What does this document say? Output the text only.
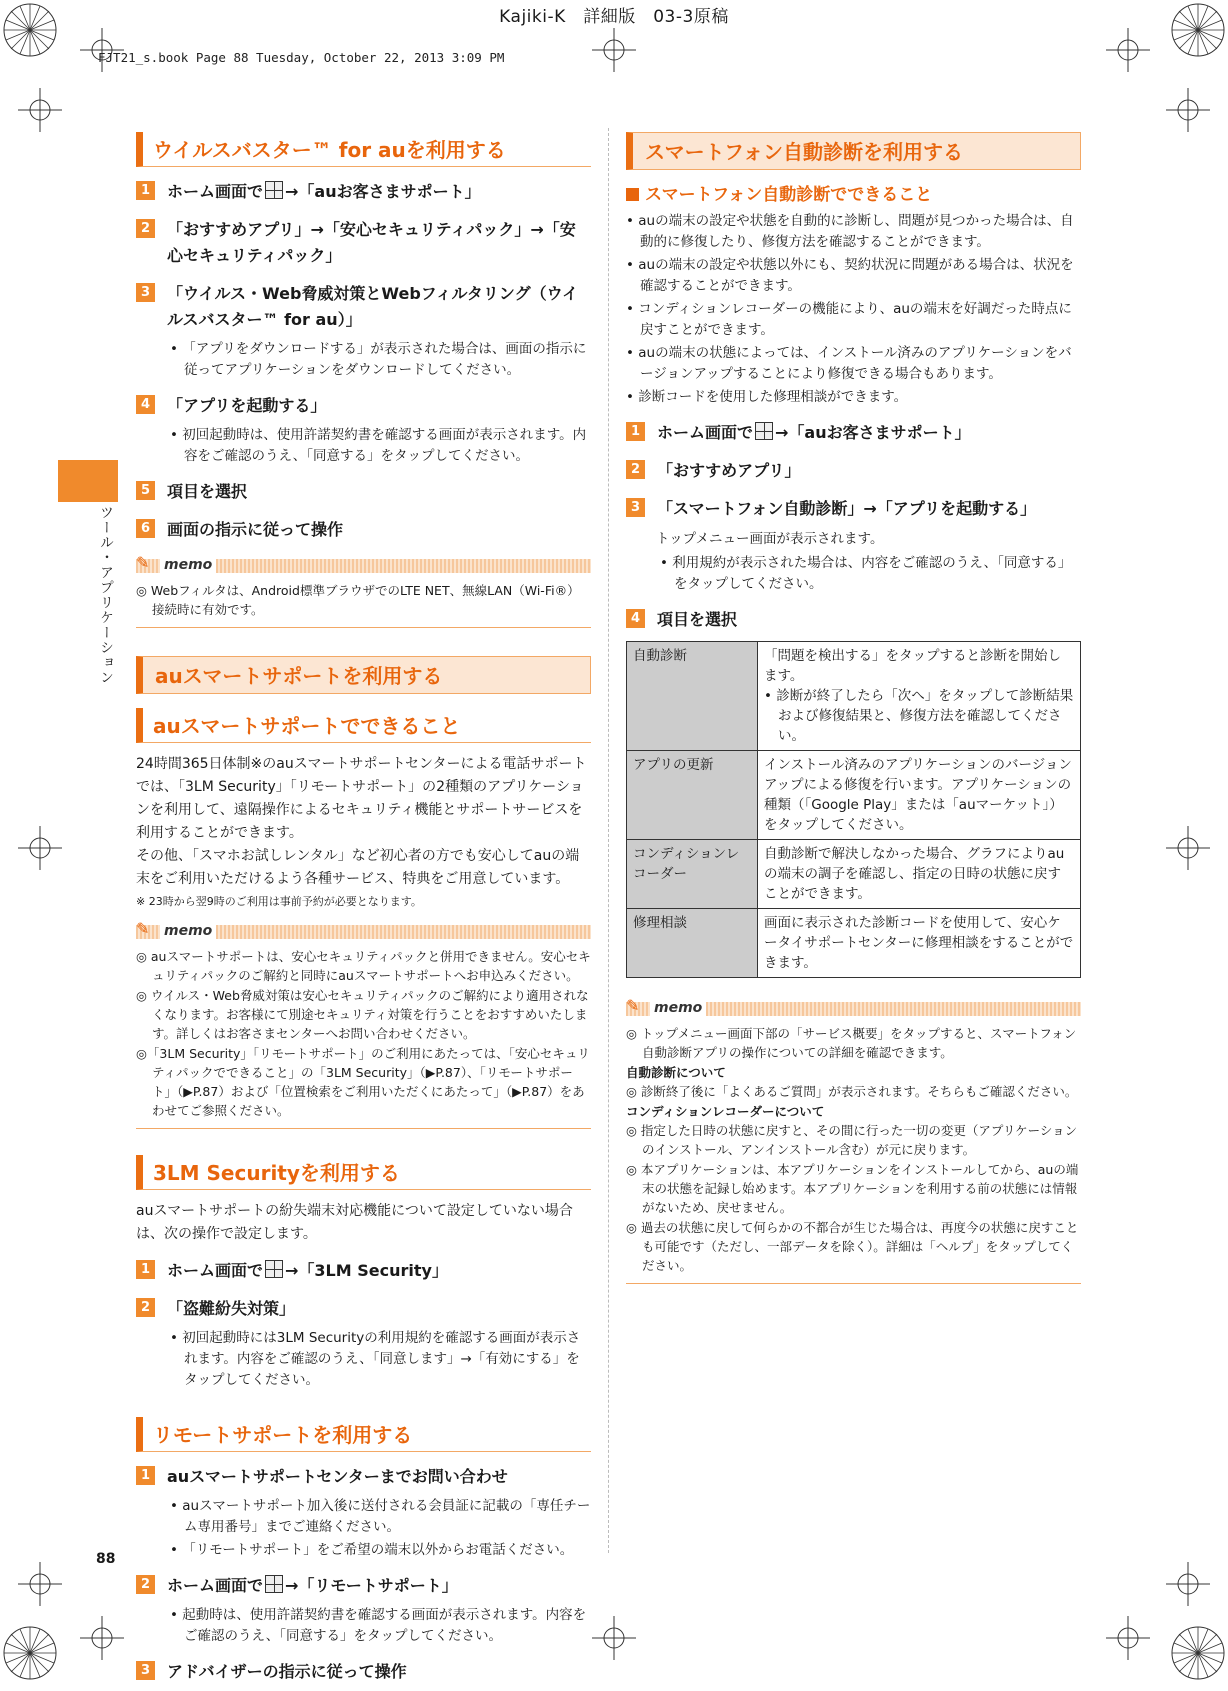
Kajiki-K　詳細版　03-3原稿
FJT21_s.book Page 88 Tuesday, October 22, 2013 3:09 PM
ツール・アプリケーション
ウイルスバスター™ for auを利用する
1	ホーム画面で →「auお客さまサポート」
2	「おすすめアプリ」→「安心セキュリティパック」→「安心セキュリティパック」
3	「ウイルス・Web脅威対策とWebフィルタリング（ウイルスバスター™ for au）」
• 「アプリをダウンロードする」が表示された場合は、画面の指示に従ってアプリケーションをダウンロードしてください。
4	「アプリを起動する」
• 初回起動時は、使用許諾契約書を確認する画面が表示されます。内容をご確認のうえ、「同意する」をタップしてください。
5	項目を選択
6	画面の指示に従って操作
✎ memo
◎ Webフィルタは、Android標準ブラウザでのLTE NET、無線LAN（Wi-Fi®）接続時に有効です。
auスマートサポートを利用する
auスマートサポートでできること

24時間365日体制※のauスマートサポートセンターによる電話サポートでは、「3LM Security」「リモートサポート」の2種類のアプリケーションを利用して、遠隔操作によるセキュリティ機能とサポートサービスを利用することができます。

その他、「スマホお試しレンタル」など初心者の方でも安心してauの端末をご利用いただけるよう各種サービス、特典をご用意しています。

※ 23時から翌9時のご利用は事前予約が必要となります。
✎ memo
◎ auスマートサポートは、安心セキュリティパックと併用できません。安心セキュリティパックのご解約と同時にauスマートサポートへお申込みください。
◎ ウイルス・Web脅威対策は安心セキュリティパックのご解約により適用されなくなります。お客様にて別途セキュリティ対策を行うことをおすすめいたします。詳しくはお客さまセンターへお問い合わせください。
◎「3LM Security」「リモートサポート」のご利用にあたっては、「安心セキュリティパックでできること」の「3LM Security」（▶P.87）、「リモートサポート」（▶P.87）および「位置検索をご利用いただくにあたって」（▶P.87）をあわせてご参照ください。
3LM Securityを利用する

auスマートサポートの紛失端末対応機能について設定していない場合は、次の操作で設定します。

1	ホーム画面で →「3LM Security」
2	「盗難紛失対策」
• 初回起動時には3LM Securityの利用規約を確認する画面が表示されます。内容をご確認のうえ、「同意します」→「有効にする」をタップしてください。
リモートサポートを利用する
1	auスマートサポートセンターまでお問い合わせ
• auスマートサポート加入後に送付される会員証に記載の「専任チーム専用番号」までご連絡ください。
• 「リモートサポート」をご希望の端末以外からお電話ください。
2	ホーム画面で →「リモートサポート」
• 起動時は、使用許諾契約書を確認する画面が表示されます。内容をご確認のうえ、「同意する」をタップしてください。
3	アドバイザーの指示に従って操作
スマートフォン自動診断を利用する
スマートフォン自動診断でできること
• auの端末の設定や状態を自動的に診断し、問題が見つかった場合は、自動的に修復したり、修復方法を確認することができます。
• auの端末の設定や状態以外にも、契約状況に問題がある場合は、状況を確認することができます。
• コンディションレコーダーの機能により、auの端末を好調だった時点に戻すことができます。
• auの端末の状態によっては、インストール済みのアプリケーションをバージョンアップすることにより修復できる場合もあります。
• 診断コードを使用した修理相談ができます。
1	ホーム画面で →「auお客さまサポート」
2	「おすすめアプリ」
3	「スマートフォン自動診断」→「アプリを起動する」

トップメニュー画面が表示されます。

• 利用規約が表示された場合は、内容をご確認のうえ、「同意する」をタップしてください。
4	項目を選択
自動診断	「問題を検出する」をタップすると診断を開始します。
• 診断が終了したら「次へ」をタップして診断結果および修復結果と、修復方法を確認してください。

アプリの更新	インストール済みのアプリケーションのバージョンアップによる修復を行います。アプリケーションの種類（「Google Play」または「auマーケット」）をタップしてください。
コンディションレコーダー	自動診断で解決しなかった場合、グラフによりauの端末の調子を確認し、指定の日時の状態に戻すことができます。
修理相談	画面に表示された診断コードを使用して、安心ケータイサポートセンターに修理相談をすることができます。
✎ memo
◎ トップメニュー画面下部の「サービス概要」をタップすると、スマートフォン自動診断アプリの操作についての詳細を確認できます。
自動診断について
◎ 診断終了後に「よくあるご質問」が表示されます。そちらもご確認ください。
コンディションレコーダーについて
◎ 指定した日時の状態に戻すと、その間に行った一切の変更（アプリケーションのインストール、アンインストール含む）が元に戻ります。
◎ 本アプリケーションは、本アプリケーションをインストールしてから、auの端末の状態を記録し始めます。本アプリケーションを利用する前の状態には情報がないため、戻せません。
◎ 過去の状態に戻して何らかの不都合が生じた場合は、再度今の状態に戻すことも可能です（ただし、一部データを除く）。詳細は「ヘルプ」をタップしてください。
88
